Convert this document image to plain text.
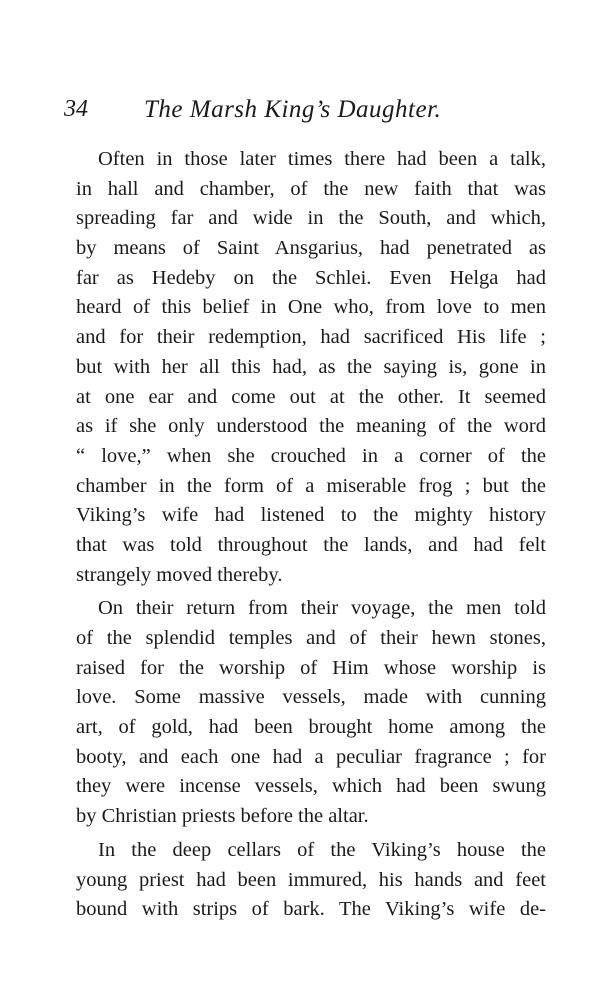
34 The Marsh King’s Daughter.
Often in those later times there had been a talk,
in hall and chamber, of the new faith that was
spreading far and wide in the South, and which,
by means of Saint Ansgarius, had penetrated as
far as Hedeby on the Schlei. Even Helga had
heard of this belief in One who, from love to men
and for their redemption, had sacrificed His life ;
but with her all this had, as the saying is, gone in
at one ear and come out at the other. It seemed
as if she only understood the meaning of the word
“ love,” when she crouched in a corner of the
chamber in the form of a miserable frog ; but the
Viking’s wife had listened to the mighty history
that was told throughout the lands, and had felt
strangely moved thereby.
On their return from their voyage, the men told
of the splendid temples and of their hewn stones,
raised for the worship of Him whose worship is
love. Some massive vessels, made with cunning
art, of gold, had been brought home among the
booty, and each one had a peculiar fragrance ; for
they were incense vessels, which had been swung
by Christian priests before the altar.
In the deep cellars of the Viking’s house the
young priest had been immured, his hands and feet
bound with strips of bark. The Viking’s wife de-
